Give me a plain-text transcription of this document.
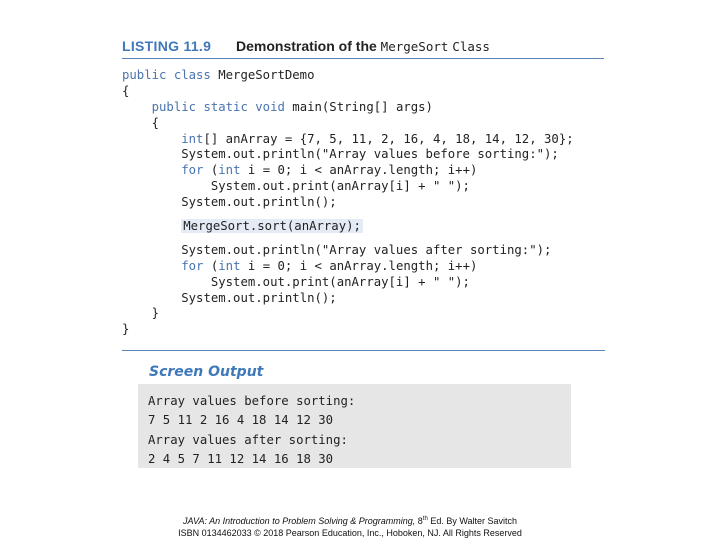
LISTING 11.9 Demonstration of the MergeSort Class
public class MergeSortDemo
{
public static void main(String[] args)
{
int[] anArray = {7, 5, 11, 2, 16, 4, 18, 14, 12, 30};
System.out.println("Array values before sorting:");
for (int i = 0; i < anArray.length; i++)
System.out.print(anArray[i] + " ");
System.out.println();
MergeSort.sort(anArray);
System.out.println("Array values after sorting:");
for (int i = 0; i < anArray.length; i++)
System.out.print(anArray[i] + " ");
System.out.println();
}
}
Screen Output
Array values before sorting:
7 5 11 2 16 4 18 14 12 30
Array values after sorting:
2 4 5 7 11 12 14 16 18 30
JAVA: An Introduction to Problem Solving & Programming, 8th Ed. By Walter Savitch
ISBN 0134462033 © 2018 Pearson Education, Inc., Hoboken, NJ. All Rights Reserved
